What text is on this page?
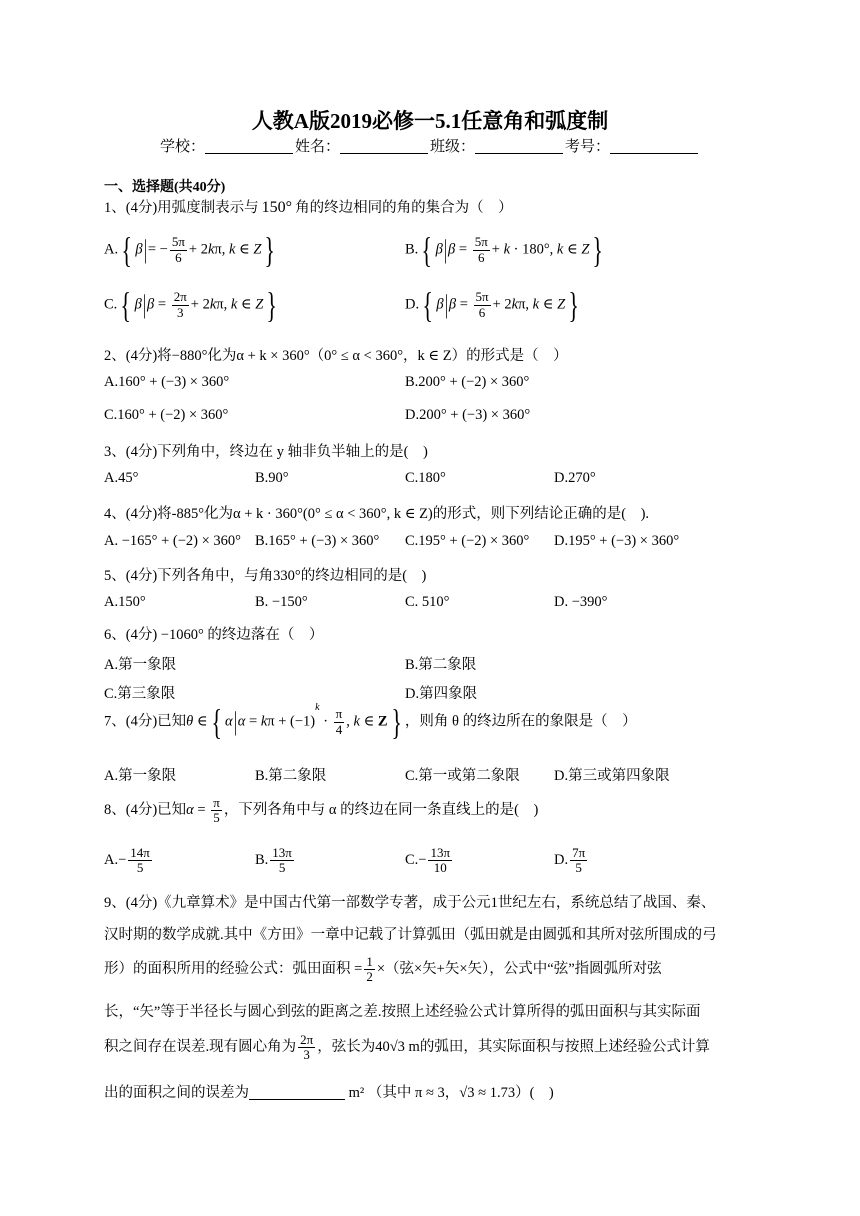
人教A版2019必修一5.1任意角和弧度制
学校：	姓名：	班级：	考号：
一、选择题(共40分)
1、(4分)用弧度制表示与 150° 角的终边相同的角的集合为（　）
A.{ $\beta|= - \frac{5\pi}{6} + 2k\pi$, k ∈ Z}	B.{ $\beta|\beta = \frac{5\pi}{6} + k \cdot 180^\circ$, k ∈ Z}
C.{ $\beta|\beta = \frac{2\pi}{3} + 2k\pi$, k ∈ Z}	D.{ $\beta|\beta = \frac{5\pi}{6} + 2k\pi$, k ∈ Z}
2、(4分)将−880°化为α + k × 360°（0° ≤ α < 360°，k ∈ Z）的形式是（　）
A.160° + (−3) × 360°	B.200° + (−2) × 360°
C.160° + (−2) × 360°	D.200° + (−3) × 360°
3、(4分)下列角中，终边在 y 轴非负半轴上的是(　)
A.45°	B.90°	C.180°	D.270°
4、(4分)将-885°化为α + k · 360°(0° ≤ α < 360°, k ∈ Z)的形式，则下列结论正确的是(　).
A. −165° + (−2) × 360° B.165° + (−3) × 360° C.195° + (−2) × 360° D.195° + (−3) × 360°
5、(4分)下列各角中，与角330°的终边相同的是(　)
A.150°	B. −150°	C. 510°	D. −390°
6、(4分) −1060° 的终边落在（　）
A.第一象限	B.第二象限
C.第三象限	D.第四象限
7、(4分)已知θ ∈{ $\alpha|\alpha = k\pi + (-1)^k \cdot \frac{\pi}{4}$ , k ∈ Z} ，则角 θ 的终边所在的象限是（　）
A.第一象限	B.第二象限	C.第一或第二象限 D.第三或第四象限
8、(4分)已知$\alpha = \frac{\pi}{5}$ ，下列各角中与 α 的终边在同一条直线上的是(　)
$A.- \frac{14\pi}{5}$	B. $\frac{13\pi}{5}$	$C.- \frac{13\pi}{10}$	D. $\frac{7\pi}{5}$
9、(4分)《九章算术》是中国古代第一部数学专著，成于公元1世纪左右，系统总结了战国、秦、
汉时期的数学成就.其中《方田》一章中记载了计算弧田（弧田就是由圆弧和其所对弦所围成的弓
形）的面积所用的经验公式：弧田面积 = $\frac{1}{2}$ ×（弦×矢+矢×矢），公式中“弦”指圆弧所对弦
长，“矢”等于半径长与圆心到弦的距离之差.按照上述经验公式计算所得的弧田面积与其实际面
积之间存在误差.现有圆心角为 $\frac{2\pi}{3}$ ，弦长为40√3 m的弧田，其实际面积与按照上述经验公式计算
出的面积之间的误差为	m² （其中 π ≈ 3，√3 ≈ 1.73）(　)
